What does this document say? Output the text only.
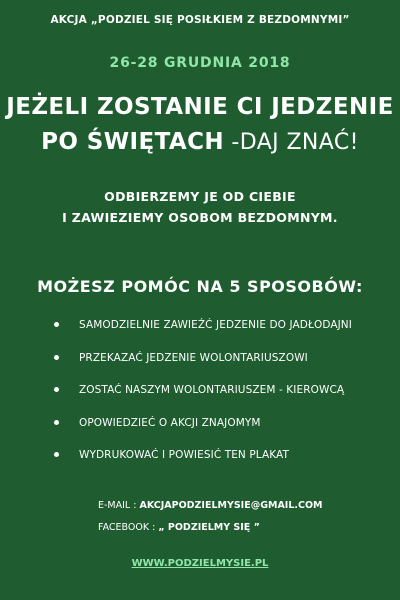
AKCJA „PODZIEL SIĘ POSIŁKIEM Z BEZDOMNYMI”
26-28 GRUDNIA 2018
JEŻELI ZOSTANIE CI JEDZENIE
PO ŚWIĘTACH -DAJ ZNAĆ!
ODBIERZEMY JE OD CIEBIE
I ZAWIEZIEMY OSOBOM BEZDOMNYM.
MOŻESZ POMÓC NA 5 SPOSOBÓW:
SAMODZIELNIE ZAWIEŹĆ JEDZENIE DO JADŁODAJNI
PRZEKAZAĆ JEDZENIE WOLONTARIUSZOWI
ZOSTAĆ NASZYM WOLONTARIUSZEM - KIEROWCĄ
OPOWIEDZIEĆ O AKCJI ZNAJOMYM
WYDRUKOWAĆ I POWIESIĆ TEN PLAKAT
E-MAIL : AKCJAPODZIELMYSIE@GMAIL.COM
FACEBOOK : „ PODZIELMY SIĘ ”
WWW.PODZIELMYSIE.PL
